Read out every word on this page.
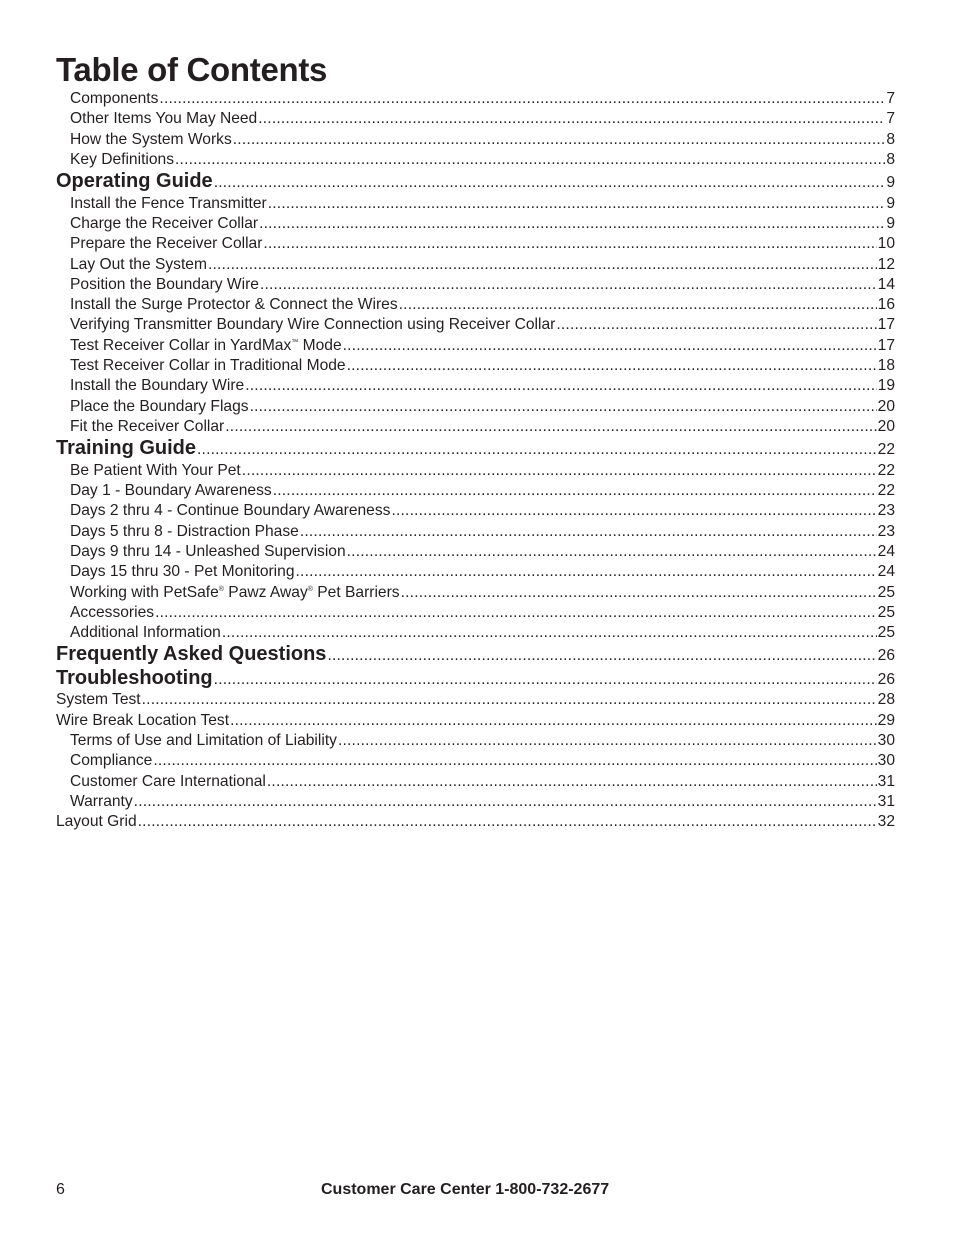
Table of Contents
Components .....	7
Other Items You May Need .....	7
How the System Works .....	8
Key Definitions .....	8
Operating Guide .....	9
Install the Fence Transmitter .....	9
Charge the Receiver Collar .....	9
Prepare the Receiver Collar .....	10
Lay Out the System .....	12
Position the Boundary Wire .....	14
Install the Surge Protector & Connect the Wires .....	16
Verifying Transmitter Boundary Wire Connection using Receiver Collar .....	17
Test Receiver Collar in YardMax™ Mode .....	17
Test Receiver Collar in Traditional Mode .....	18
Install the Boundary Wire .....	19
Place the Boundary Flags .....	20
Fit the Receiver Collar .....	20
Training Guide .....	22
Be Patient With Your Pet .....	22
Day 1 - Boundary Awareness .....	22
Days 2 thru 4 - Continue Boundary Awareness .....	23
Days 5 thru 8 - Distraction Phase .....	23
Days 9 thru 14 - Unleashed Supervision .....	24
Days 15 thru 30 - Pet Monitoring .....	24
Working with PetSafe® Pawz Away® Pet Barriers .....	25
Accessories .....	25
Additional Information .....	25
Frequently Asked Questions .....	26
Troubleshooting .....	26
System Test .....	28
Wire Break Location Test .....	29
Terms of Use and Limitation of Liability .....	30
Compliance .....	30
Customer Care International .....	31
Warranty .....	31
Layout Grid .....	32
6	Customer Care Center 1-800-732-2677
